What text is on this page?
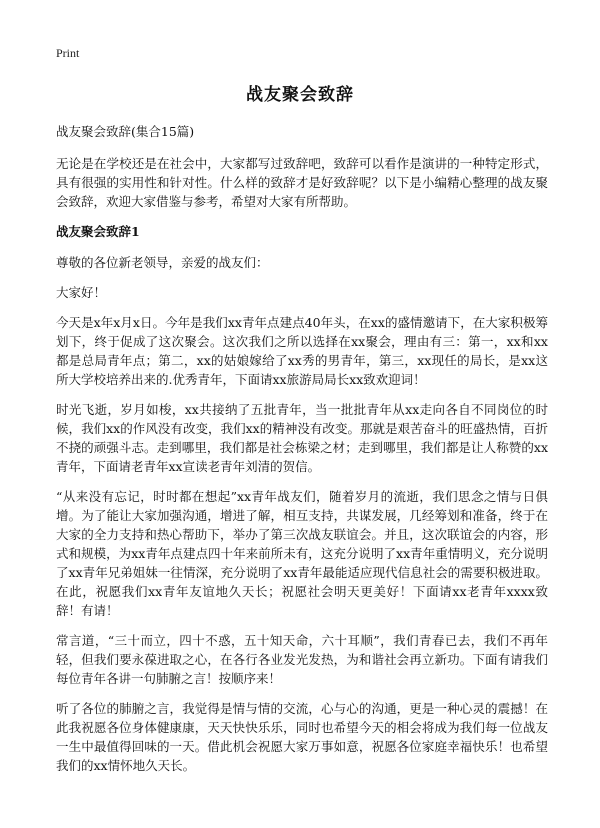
Print
战友聚会致辞

战友聚会致辞(集合15篇)

无论是在学校还是在社会中，大家都写过致辞吧，致辞可以看作是演讲的一种特定形式，具有很强的实用性和针对性。什么样的致辞才是好致辞呢？以下是小编精心整理的战友聚会致辞，欢迎大家借鉴与参考，希望对大家有所帮助。

战友聚会致辞1

尊敬的各位新老领导，亲爱的战友们：

大家好！

今天是x年x月x日。今年是我们xx青年点建点40年头，在xx的盛情邀请下，在大家积极筹划下，终于促成了这次聚会。这次我们之所以选择在xx聚会，理由有三：第一，xx和xx都是总局青年点；第二，xx的姑娘嫁给了xx秀的男青年，第三，xx现任的局长，是xx这所大学校培养出来的.优秀青年，下面请xx旅游局局长xx致欢迎词！

时光飞逝，岁月如梭，xx共接纳了五批青年，当一批批青年从xx走向各自不同岗位的时候，我们xx的作风没有改变，我们xx的精神没有改变。那就是艰苦奋斗的旺盛热情，百折不挠的顽强斗志。走到哪里，我们都是社会栋梁之材；走到哪里，我们都是让人称赞的xx青年，下面请老青年xx宣读老青年刘清的贺信。

“从来没有忘记，时时都在想起”xx青年战友们，随着岁月的流逝，我们思念之情与日俱增。为了能让大家加强沟通，增进了解，相互支持，共谋发展，几经筹划和准备，终于在大家的全力支持和热心帮助下，举办了第三次战友联谊会。并且，这次联谊会的内容，形式和规模，为xx青年点建点四十年来前所未有，这充分说明了xx青年重情明义，充分说明了xx青年兄弟姐妹一往情深，充分说明了xx青年最能适应现代信息社会的需要积极进取。在此，祝愿我们xx青年友谊地久天长；祝愿社会明天更美好！下面请xx老青年xxxx致辞！有请！

常言道，“三十而立，四十不惑，五十知天命，六十耳顺”，我们青春已去，我们不再年轻，但我们要永葆进取之心，在各行各业发光发热，为和谐社会再立新功。下面有请我们每位青年各讲一句肺腑之言！按顺序来！

听了各位的肺腑之言，我觉得是情与情的交流，心与心的沟通，更是一种心灵的震撼！在此我祝愿各位身体健康康，天天快快乐乐，同时也希望今天的相会将成为我们每一位战友一生中最值得回味的一天。借此机会祝愿大家万事如意，祝愿各位家庭幸福快乐！也希望我们的xx情怀地久天长。
